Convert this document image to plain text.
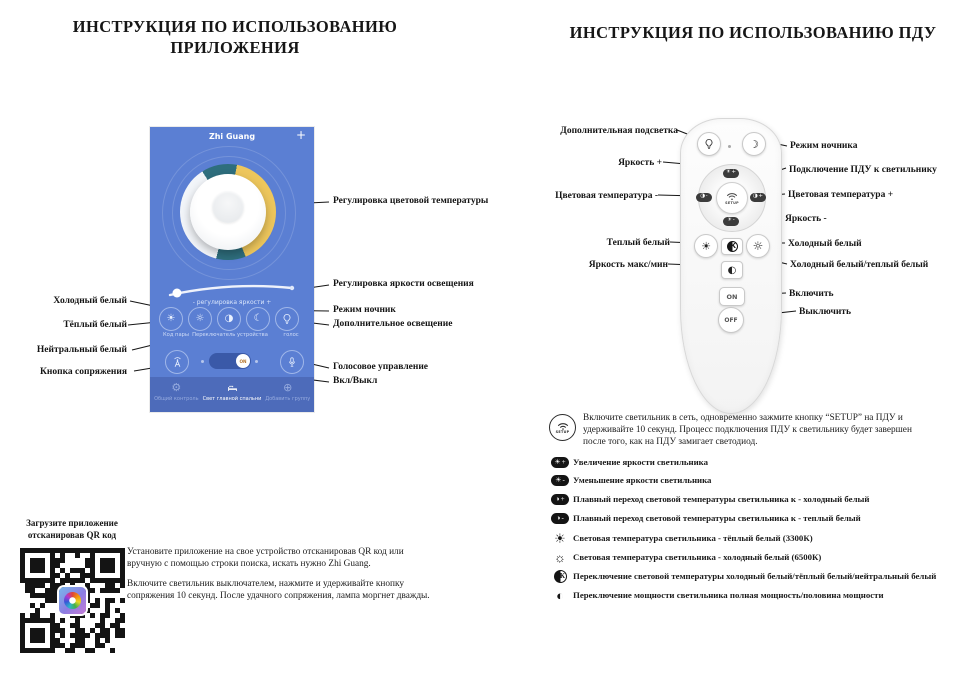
ИНСТРУКЦИЯ ПО ИСПОЛЬЗОВАНИЮ
ПРИЛОЖЕНИЯ
ИНСТРУКЦИЯ ПО ИСПОЛЬЗОВАНИЮ ПДУ
Zhi Guang	+
- регулировка яркости +
☀ ☼ ◑ ☾
Код пары Переключатель устройства	голос
ON
⚙
Общий контроль Свет главной спальни
⊕
Добавить группу
Регулировка цветовой температуры
Регулировка яркости освещения
Режим ночник
Дополнительное освещение
Голосовое управление
Вкл/Выкл
Холодный белый
Тёплый белый
Нейтральный белый
Кнопка сопряжения
Загрузите приложение
отсканировав QR код
Установите приложение на свое устройство отсканировав QR код или вручную с помощью строки поиска, искать нужно Zhi Guang.
Включите светильник выключателем, нажмите и удерживайте кнопку сопряжения 10 секунд. После удачного сопряжения, лампа моргнет дважды.
☽
☀ +
◑ -	◑ +
☀ -
SETUP
☀	К ☼
◐
ON
OFF
Дополнительная подсветка
Яркость +
Цветовая температура -
Теплый белый
Яркость макс/мин
Режим ночника
Подключение ПДУ к светильнику
Цветовая температура +
Яркость -
Холодный белый
Холодный белый/теплый белый
Включить
Выключить
SETUP
Включите светильник в сеть, одновременно зажмите кнопку “SETUP” на ПДУ и удерживайте 10 секунд. Процесс подключения ПДУ к светильнику будет завершен после того, как на ПДУ замигает светодиод.
☀ + Увеличение яркости светильника
☀ - Уменьшение яркости светильника
◑ + Плавный переход световой температуры светильника к - холодный белый
◑ - Плавный переход световой температуры светильника к - теплый белый
☀ Световая температура светильника - тёплый белый (3300К)
☼ Световая температура светильника - холодный белый (6500К)
К Переключение световой температуры холодный белый/тёплый белый/нейтральный белый
◐ Переключение мощности светильника полная мощность/половина мощности
